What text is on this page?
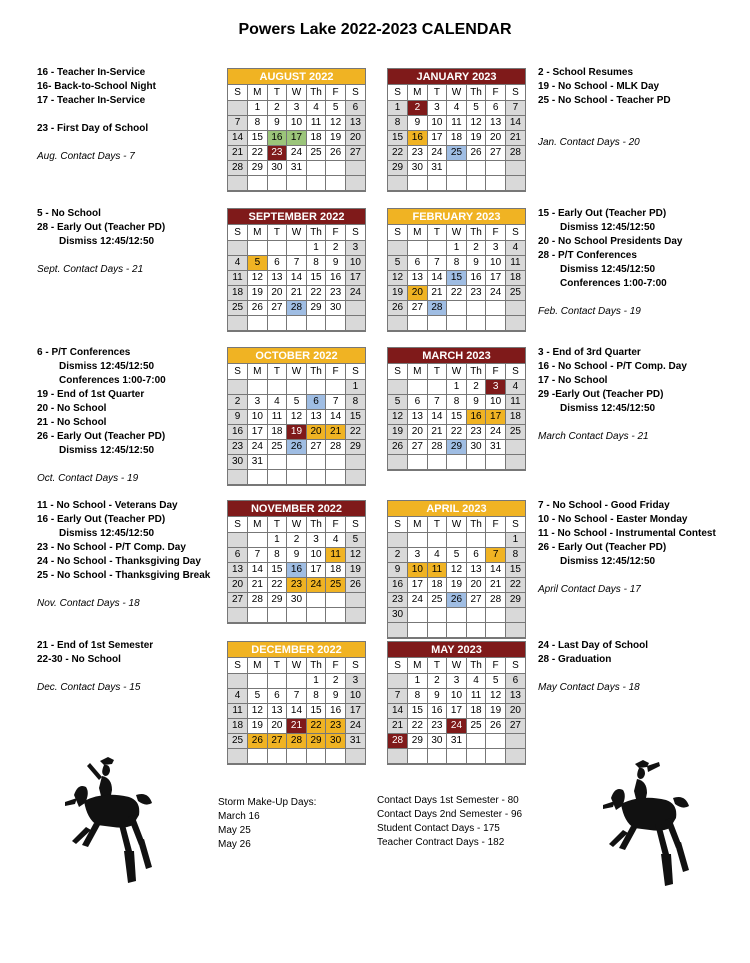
Powers Lake 2022-2023 CALENDAR
16 - Teacher In-Service
16- Back-to-School Night
17 - Teacher In-Service
23 - First Day of School
Aug. Contact Days - 7
5 - No School
28 - Early Out (Teacher PD)
Dismiss 12:45/12:50
Sept. Contact Days - 21
6 - P/T Conferences
Dismiss 12:45/12:50
Conferences 1:00-7:00
19 - End of 1st Quarter
20 - No School
21 - No School
26 - Early Out (Teacher PD)
Dismiss 12:45/12:50
Oct. Contact Days - 19
11 - No School - Veterans Day
16 - Early Out (Teacher PD)
Dismiss 12:45/12:50
23 - No School - P/T Comp. Day
24 - No School - Thanksgiving Day
25 - No School - Thanksgiving Break
Nov. Contact Days - 18
21 - End of 1st Semester
22-30 - No School
Dec. Contact Days - 15
2 - School Resumes
19 - No School - MLK Day
25 - No School - Teacher PD
Jan. Contact Days - 20
15 - Early Out (Teacher PD)
Dismiss 12:45/12:50
20 - No School Presidents Day
28 - P/T Conferences
Dismiss 12:45/12:50
Conferences 1:00-7:00
Feb. Contact Days - 19
3 - End of 3rd Quarter
16 - No School - P/T Comp. Day
17 - No School
29 -Early Out (Teacher PD)
Dismiss 12:45/12:50
March Contact Days - 21
7 - No School - Good Friday
10 - No School - Easter Monday
11 - No School - Instrumental Contest
26 - Early Out (Teacher PD)
Dismiss 12:45/12:50
April Contact Days - 17
24 - Last Day of School
28 - Graduation
May Contact Days - 18
AUGUST 2022
S	M	T	W	Th	F	S
	1	2	3	4	5	6
7	8	9	10	11	12	13
14	15	16	17	18	19	20
21	22	23	24	25	26	27
28	29	30	31			

JANUARY 2023
S	M	T	W	Th	F	S
1	2	3	4	5	6	7
8	9	10	11	12	13	14
15	16	17	18	19	20	21
22	23	24	25	26	27	28
29	30	31				

SEPTEMBER 2022
S	M	T	W	Th	F	S
				1	2	3
4	5	6	7	8	9	10
11	12	13	14	15	16	17
18	19	20	21	22	23	24
25	26	27	28	29	30	

FEBRUARY 2023
S	M	T	W	Th	F	S
			1	2	3	4
5	6	7	8	9	10	11
12	13	14	15	16	17	18
19	20	21	22	23	24	25
26	27	28				

OCTOBER 2022
S	M	T	W	Th	F	S
						1
2	3	4	5	6	7	8
9	10	11	12	13	14	15
16	17	18	19	20	21	22
23	24	25	26	27	28	29
30	31					

MARCH 2023
S	M	T	W	Th	F	S
			1	2	3	4
5	6	7	8	9	10	11
12	13	14	15	16	17	18
19	20	21	22	23	24	25
26	27	28	29	30	31	

NOVEMBER 2022
S	M	T	W	Th	F	S
		1	2	3	4	5
6	7	8	9	10	11	12
13	14	15	16	17	18	19
20	21	22	23	24	25	26
27	28	29	30			

APRIL 2023
S	M	T	W	Th	F	S
						1
2	3	4	5	6	7	8
9	10	11	12	13	14	15
16	17	18	19	20	21	22
23	24	25	26	27	28	29
30						

DECEMBER 2022
S	M	T	W	Th	F	S
				1	2	3
4	5	6	7	8	9	10
11	12	13	14	15	16	17
18	19	20	21	22	23	24
25	26	27	28	29	30	31

MAY 2023
S	M	T	W	Th	F	S
	1	2	3	4	5	6
7	8	9	10	11	12	13
14	15	16	17	18	19	20
21	22	23	24	25	26	27
28	29	30	31			

Storm Make-Up Days:
March 16
May 25
May 26
Contact Days 1st Semester - 80
Contact Days 2nd Semester - 96
Student Contact Days - 175
Teacher Contract Days - 182
